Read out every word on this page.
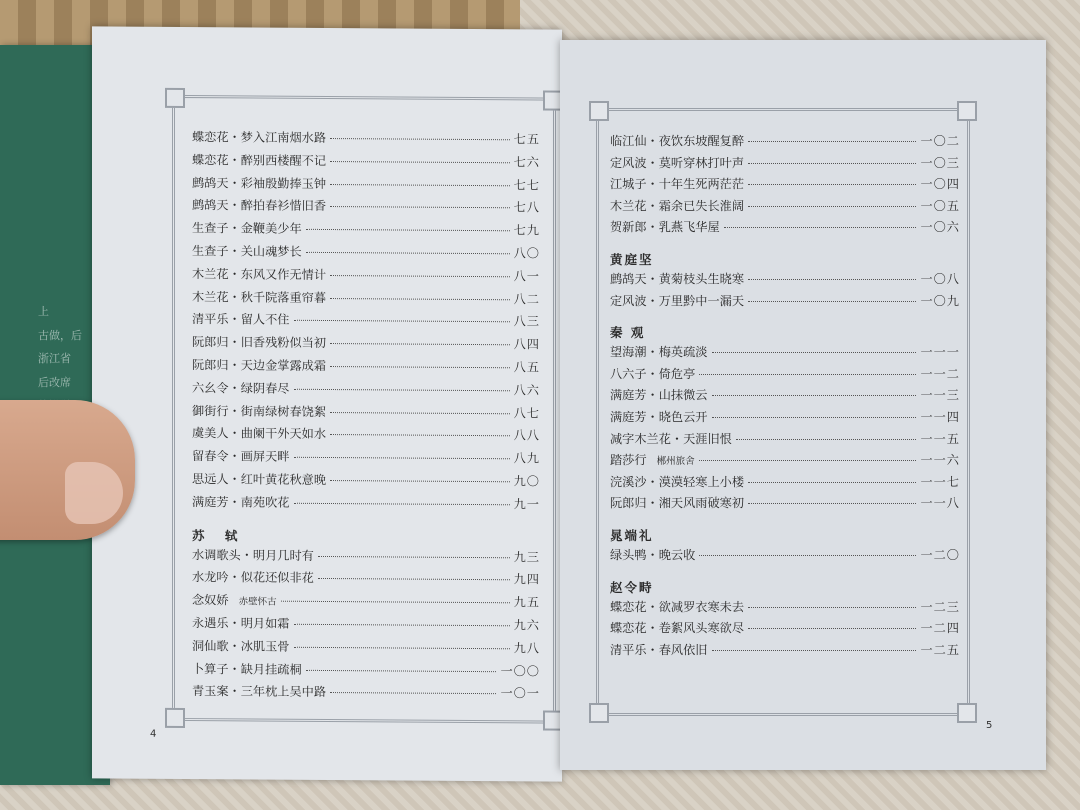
上
古做，后
浙江省
后改席
蝶恋花・梦入江南烟水路	七五
蝶恋花・醉别西楼醒不记	七六
鹧鸪天・彩袖殷勤捧玉钟	七七
鹧鸪天・醉拍春衫惜旧香	七八
生查子・金鞭美少年	七九
生查子・关山魂梦长	八〇
木兰花・东风又作无情计	八一
木兰花・秋千院落重帘暮	八二
清平乐・留人不住	八三
阮郎归・旧香残粉似当初	八四
阮郎归・天边金掌露成霜	八五
六幺令・绿阴春尽	八六
御街行・街南绿树春饶絮	八七
虞美人・曲阑干外天如水	八八
留春令・画屏天畔	八九
思远人・红叶黄花秋意晚	九〇
满庭芳・南苑吹花	九一
苏 轼
水调歌头・明月几时有	九三
水龙吟・似花还似非花	九四
念奴娇 赤壁怀古	九五
永遇乐・明月如霜	九六
洞仙歌・冰肌玉骨	九八
卜算子・缺月挂疏桐	一〇〇
青玉案・三年枕上吴中路	一〇一
4
临江仙・夜饮东坡醒复醉	一〇二
定风波・莫听穿林打叶声	一〇三
江城子・十年生死两茫茫	一〇四
木兰花・霜余已失长淮阔	一〇五
贺新郎・乳燕飞华屋	一〇六
黄庭坚
鹧鸪天・黄菊枝头生晓寒	一〇八
定风波・万里黔中一漏天	一〇九
秦 观
望海潮・梅英疏淡	一一一
八六子・倚危亭	一一二
满庭芳・山抹微云	一一三
满庭芳・晓色云开	一一四
减字木兰花・天涯旧恨	一一五
踏莎行 郴州旅舍	一一六
浣溪沙・漠漠轻寒上小楼	一一七
阮郎归・湘天风雨破寒初	一一八
晁端礼
绿头鸭・晚云收	一二〇
赵令畤
蝶恋花・欲减罗衣寒未去	一二三
蝶恋花・卷絮风头寒欲尽	一二四
清平乐・春风依旧	一二五
5
